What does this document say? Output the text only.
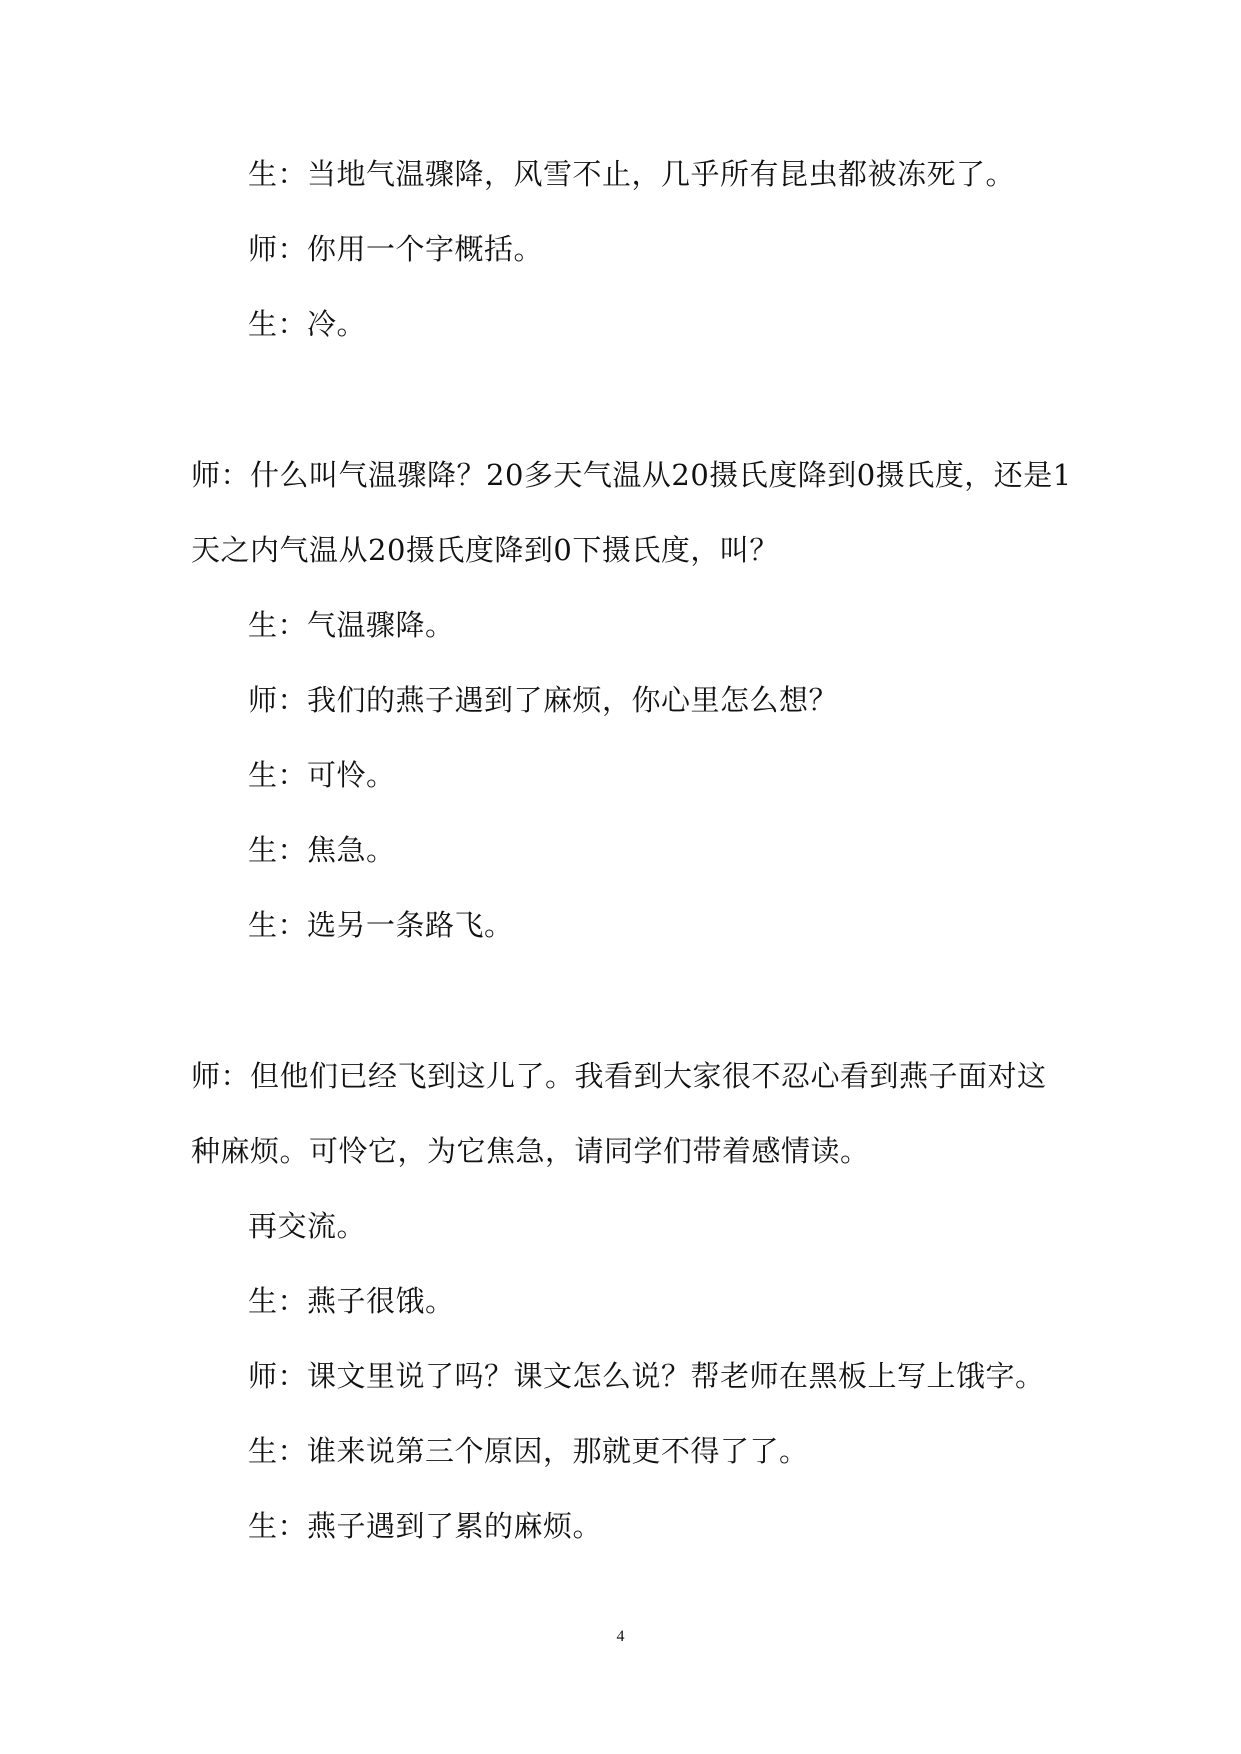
生：当地气温骤降，风雪不止，几乎所有昆虫都被冻死了。
师：你用一个字概括。
生：冷。
师：什么叫气温骤降？20多天气温从20摄氏度降到0摄氏度，还是1
天之内气温从20摄氏度降到0下摄氏度，叫？
生：气温骤降。
师：我们的燕子遇到了麻烦，你心里怎么想？
生：可怜。
生：焦急。
生：选另一条路飞。
师：但他们已经飞到这儿了。我看到大家很不忍心看到燕子面对这
种麻烦。可怜它，为它焦急，请同学们带着感情读。
再交流。
生：燕子很饿。
师：课文里说了吗？课文怎么说？帮老师在黑板上写上饿字。
生：谁来说第三个原因，那就更不得了了。
生：燕子遇到了累的麻烦。
4
